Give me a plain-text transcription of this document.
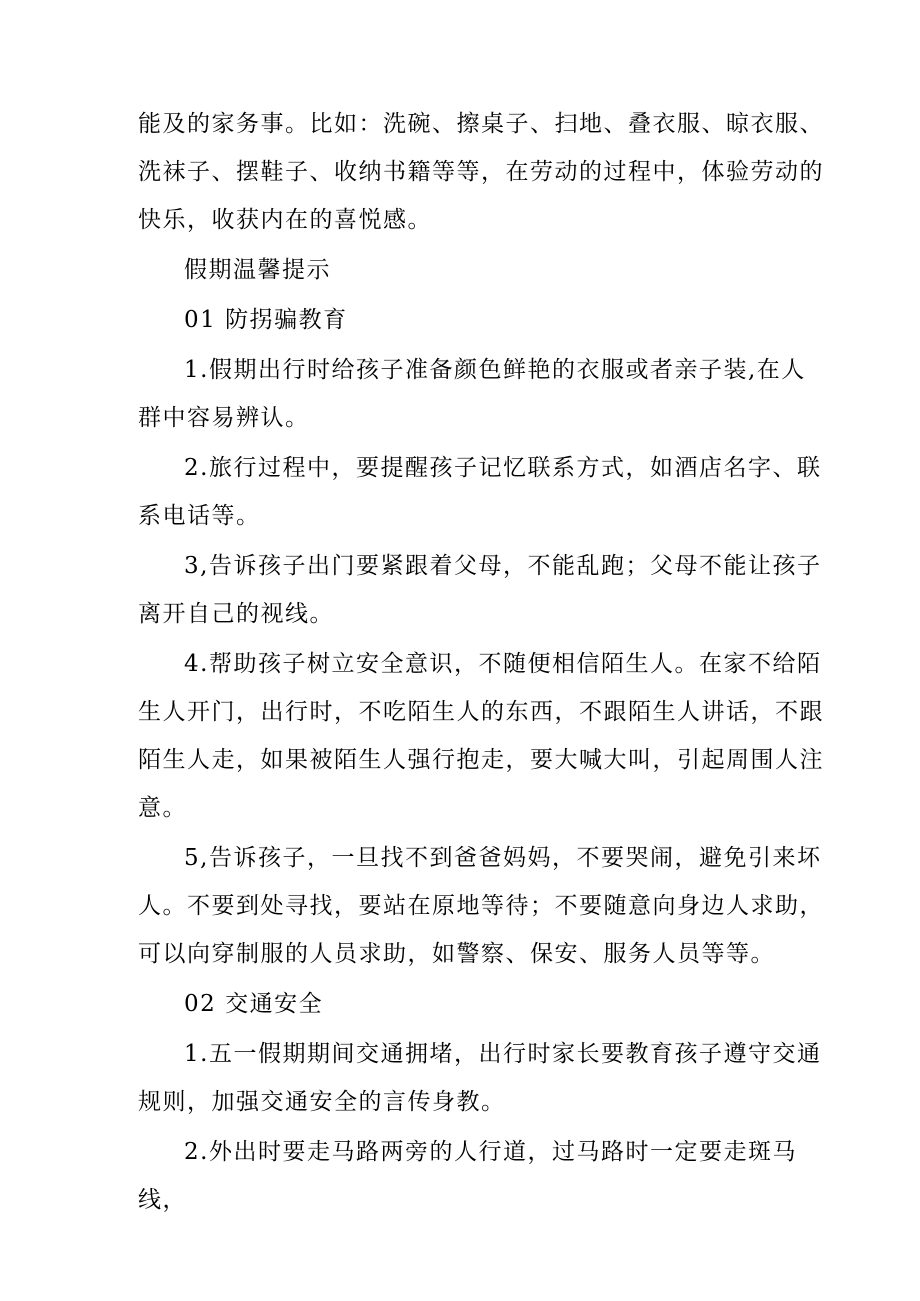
能及的家务事。比如：洗碗、擦桌子、扫地、叠衣服、晾衣服、洗袜子、摆鞋子、收纳书籍等等，在劳动的过程中，体验劳动的快乐，收获内在的喜悦感。

假期温馨提示

01 防拐骗教育

1.假期出行时给孩子准备颜色鲜艳的衣服或者亲子装,在人群中容易辨认。

2.旅行过程中，要提醒孩子记忆联系方式，如酒店名字、联系电话等。

3,告诉孩子出门要紧跟着父母，不能乱跑；父母不能让孩子离开自己的视线。

4.帮助孩子树立安全意识，不随便相信陌生人。在家不给陌生人开门，出行时，不吃陌生人的东西，不跟陌生人讲话，不跟陌生人走，如果被陌生人强行抱走，要大喊大叫，引起周围人注意。

5,告诉孩子，一旦找不到爸爸妈妈，不要哭闹，避免引来坏人。不要到处寻找，要站在原地等待；不要随意向身边人求助，可以向穿制服的人员求助，如警察、保安、服务人员等等。

02 交通安全

1.五一假期期间交通拥堵，出行时家长要教育孩子遵守交通规则，加强交通安全的言传身教。

2.外出时要走马路两旁的人行道，过马路时一定要走斑马线，
